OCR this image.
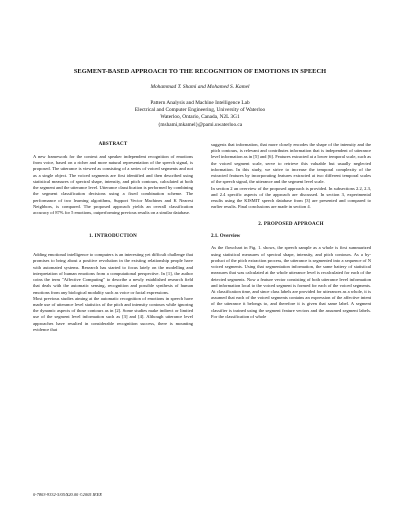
SEGMENT-BASED APPROACH TO THE RECOGNITION OF EMOTIONS IN SPEECH
Mohammad T. Shami and Mohamed S. Kamel
Pattern Analysis and Machine Intelligence Lab
Electrical and Computer Engineering, University of Waterloo
Waterloo, Ontario, Canada, N2L 3G1
{mshami,mkamel}@pami.uwaterloo.ca
ABSTRACT

A new framework for the context and speaker independent recognition of emotions from voice, based on a richer and more natural representation of the speech signal, is proposed. The utterance is viewed as consisting of a series of voiced segments and not as a single object. The voiced segments are first identified and then described using statistical measures of spectral shape, intensity, and pitch contours, calculated at both the segment and the utterance level. Utterance classification is performed by combining the segment classification decisions using a fixed combination scheme. The performance of two learning algorithms, Support Vector Machines and K Nearest Neighbors, is compared. The proposed approach yields an overall classification accuracy of 87% for 5 emotions, outperforming previous results on a similar database.

1. INTRODUCTION

Adding emotional intelligence to computers is an interesting yet difficult challenge that promises to bring about a positive revolution in the existing relationship people have with automated systems. Research has started to focus lately on the modelling and interpretation of human emotions from a computational perspective. In [1], the author coins the term "Affective Computing" to describe a newly established research field that deals with the automatic sensing, recognition and possible synthesis of human emotions from any biological modality such as voice or facial expressions.

Most previous studies aiming at the automatic recognition of emotions in speech have made use of utterance level statistics of the pitch and intensity contours while ignoring the dynamic aspects of those contours as in [2]. Some studies make indirect or limited use of the segment level information such as [3] and [4]. Although utterance level approaches have resulted in considerable recognition success, there is mounting evidence that

suggests that information, that more closely encodes the shape of the intensity and the pitch contours, is relevant and contributes information that is independent of utterance level information as in [5] and [6]. Features extracted at a lower temporal scale, such as the voiced segment scale, serve to retrieve this valuable but usually neglected information. In this study, we strive to increase the temporal complexity of the extracted features by incorporating features extracted at two different temporal scales of the speech signal, the utterance and the segment level scale.

In section 2 an overview of the proposed approach is provided. In subsections 2.2, 2.3, and 2.4 specific aspects of the approach are discussed. In section 3, experimental results using the KISMIT speech database from [3] are presented and compared to earlier results. Final conclusions are made in section 4.

2. PROPOSED APPROACH
2.1. Overview

As the flowchart in Fig. 1. shows, the speech sample as a whole is first summarized using statistical measures of spectral shape, intensity, and pitch contours. As a by-product of the pitch extraction process, the utterance is segmented into a sequence of N voiced segments. Using that segmentation information, the same battery of statistical measures that was calculated at the whole utterance level is recalculated for each of the detected segments. Now a feature vector consisting of both utterance level information and information local to the voiced segment is formed for each of the voiced segments. At classification time, and since class labels are provided for utterances as a whole, it is assumed that each of the voiced segments contains an expression of the affective intent of the utterance it belongs to, and therefore it is given that same label. A segment classifier is trained using the segment feature vectors and the assumed segment labels. For the classification of whole

0-7803-9332-5/05/$20.00 ©2005 IEEE
